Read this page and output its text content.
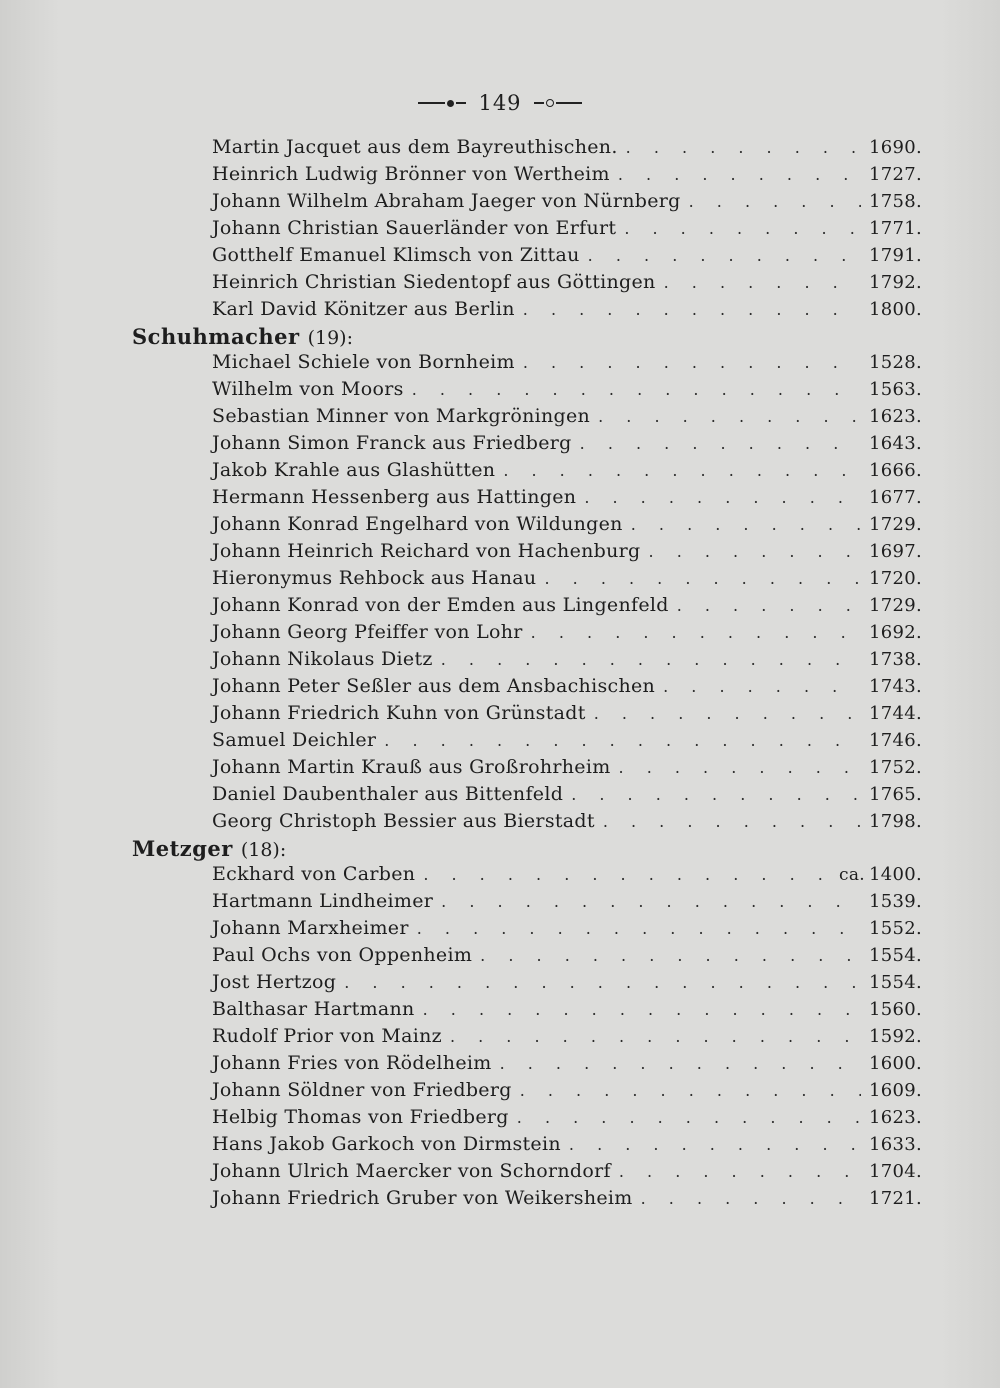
149
Martin Jacquet aus dem Bayreuthischen. . . .	1690.
Heinrich Ludwig Brönner von Wertheim . . .	1727.
Johann Wilhelm Abraham Jaeger von Nürnberg . . .	1758.
Johann Christian Sauerländer von Erfurt . . .	1771.
Gotthelf Emanuel Klimsch von Zittau . . .	1791.
Heinrich Christian Siedentopf aus Göttingen . . .	1792.
Karl David Könitzer aus Berlin . . .	1800.
Schuhmacher (19):
Michael Schiele von Bornheim . . .	1528.
Wilhelm von Moors . . .	1563.
Sebastian Minner von Markgröningen . . .	1623.
Johann Simon Franck aus Friedberg . . .	1643.
Jakob Krahle aus Glashütten . . .	1666.
Hermann Hessenberg aus Hattingen . . .	1677.
Johann Konrad Engelhard von Wildungen . . .	1729.
Johann Heinrich Reichard von Hachenburg . . .	1697.
Hieronymus Rehbock aus Hanau . . .	1720.
Johann Konrad von der Emden aus Lingenfeld . . .	1729.
Johann Georg Pfeiffer von Lohr . . .	1692.
Johann Nikolaus Dietz . . .	1738.
Johann Peter Seßler aus dem Ansbachischen . . .	1743.
Johann Friedrich Kuhn von Grünstadt . . .	1744.
Samuel Deichler . . .	1746.
Johann Martin Krauß aus Großrohrheim . . .	1752.
Daniel Daubenthaler aus Bittenfeld . . .	1765.
Georg Christoph Bessier aus Bierstadt . . .	1798.
Metzger (18):
Eckhard von Carben . . .	ca. 1400.
Hartmann Lindheimer . . .	1539.
Johann Marxheimer . . .	1552.
Paul Ochs von Oppenheim . . .	1554.
Jost Hertzog . . .	1554.
Balthasar Hartmann . . .	1560.
Rudolf Prior von Mainz . . .	1592.
Johann Fries von Rödelheim . . .	1600.
Johann Söldner von Friedberg . . .	1609.
Helbig Thomas von Friedberg . . .	1623.
Hans Jakob Garkoch von Dirmstein . . .	1633.
Johann Ulrich Maercker von Schorndorf . . .	1704.
Johann Friedrich Gruber von Weikersheim . . .	1721.
